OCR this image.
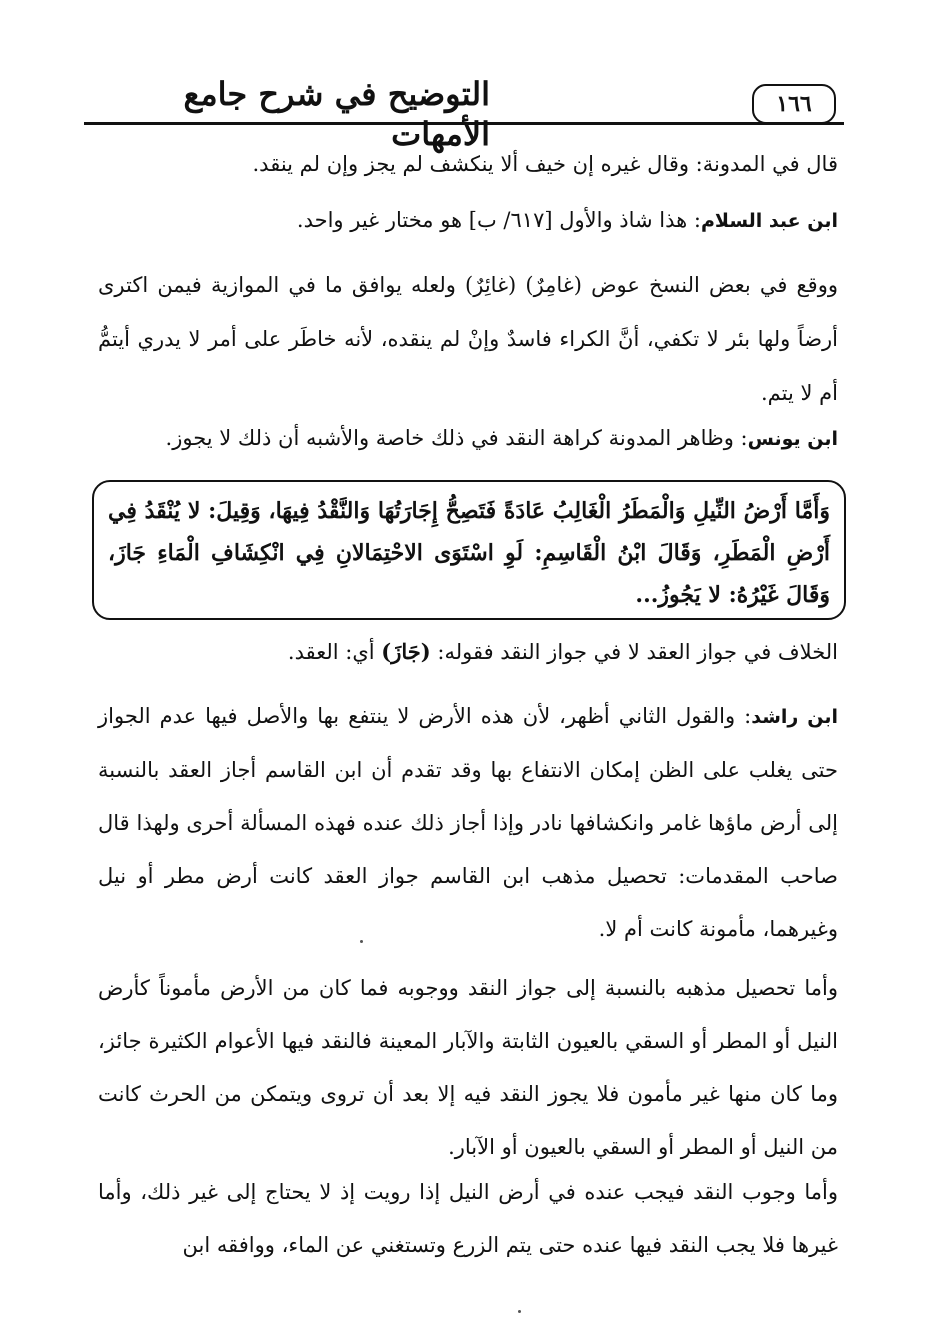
التوضيح في شرح جامع الأمهات
١٦٦
قال في المدونة: وقال غيره إن خيف ألا ينكشف لم يجز وإن لم ينقد.
ابن عبد السلام: هذا شاذ والأول [٦١٧/ ب] هو مختار غير واحد.
ووقع في بعض النسخ عوض (غامِرٌ) (غائِرٌ) ولعله يوافق ما في الموازية فيمن اكترى أرضاً ولها بئر لا تكفي، أنَّ الكراء فاسدٌ وإنْ لم ينقده، لأنه خاطَر على أمر لا يدري أيتمُّ أم لا يتم.
ابن يونس: وظاهر المدونة كراهة النقد في ذلك خاصة والأشبه أن ذلك لا يجوز.
وَأَمَّا أَرْضُ النِّيلِ وَالْمَطَرُ الْغَالِبُ عَادَةً فَتَصِحُّ إِجَارَتُهَا وَالنَّقْدُ فِيهَا، وَقِيلَ: لا يُنْقَدُ فِي أَرْضِ الْمَطَرِ، وَقَالَ ابْنُ الْقَاسِمِ: لَوِ اسْتَوَى الاحْتِمَالانِ فِي انْكِشَافِ الْمَاءِ جَازَ، وَقَالَ غَيْرُهُ: لا يَجُوزُ...
الخلاف في جواز العقد لا في جواز النقد فقوله: (جَازَ) أي: العقد.
ابن راشد: والقول الثاني أظهر، لأن هذه الأرض لا ينتفع بها والأصل فيها عدم الجواز حتى يغلب على الظن إمكان الانتفاع بها وقد تقدم أن ابن القاسم أجاز العقد بالنسبة إلى أرض ماؤها غامر وانكشافها نادر وإذا أجاز ذلك عنده فهذه المسألة أحرى ولهذا قال صاحب المقدمات: تحصيل مذهب ابن القاسم جواز العقد كانت أرض مطر أو نيل وغيرهما، مأمونة كانت أم لا.
وأما تحصيل مذهبه بالنسبة إلى جواز النقد ووجوبه فما كان من الأرض مأموناً كأرض النيل أو المطر أو السقي بالعيون الثابتة والآبار المعينة فالنقد فيها الأعوام الكثيرة جائز، وما كان منها غير مأمون فلا يجوز النقد فيه إلا بعد أن تروى ويتمكن من الحرث كانت من النيل أو المطر أو السقي بالعيون أو الآبار.
وأما وجوب النقد فيجب عنده في أرض النيل إذا رويت إذ لا يحتاج إلى غير ذلك، وأما غيرها فلا يجب النقد فيها عنده حتى يتم الزرع وتستغني عن الماء، ووافقه ابن
